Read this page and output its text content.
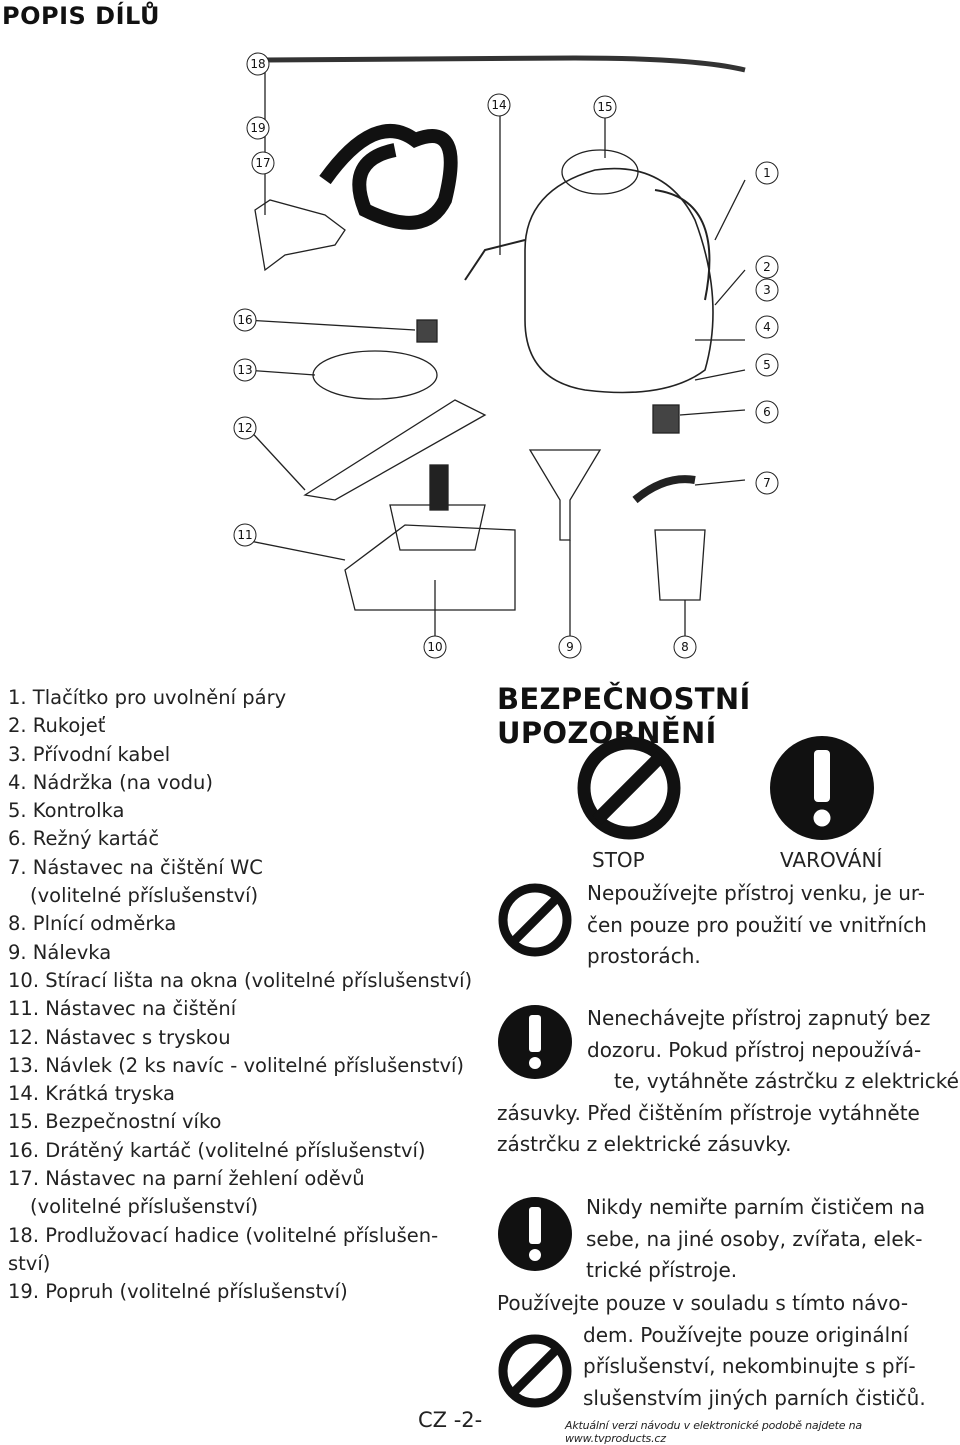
POPIS DÍLŮ
18
19
17
16
13
12
11
14	15
1
2
3
4
5
6
7
8
9
10
1. Tlačítko pro uvolnění páry
2. Rukojeť
3. Přívodní kabel
4. Nádržka (na vodu)
5. Kontrolka
6. Režný kartáč
7. Nástavec na čištění WC
(volitelné příslušenství)
8. Plnící odměrka
9. Nálevka
10. Stírací lišta na okna (volitelné příslušenství)
11. Nástavec na čištění
12. Nástavec s tryskou
13. Návlek (2 ks navíc - volitelné příslušenství)
14. Krátká tryska
15. Bezpečnostní víko
16. Drátěný kartáč (volitelné příslušenství)
17. Nástavec na parní žehlení oděvů
(volitelné příslušenství)
18. Prodlužovací hadice (volitelné příslušen-
ství)
19. Popruh (volitelné příslušenství)
BEZPEČNOSTNÍ UPOZORNĚNÍ
STOP	VAROVÁNÍ
Nepoužívejte přístroj venku, je ur-
čen pouze pro použití ve vnitřních
prostorách.
Nenechávejte přístroj zapnutý bez
dozoru. Pokud přístroj nepoužívá-
te, vytáhněte zástrčku z elektrické
zásuvky. Před čištěním přístroje vytáhněte
zástrčku z elektrické zásuvky.
Nikdy nemiřte parním čističem na
sebe, na jiné osoby, zvířata, elek-
trické přístroje.
Používejte pouze v souladu s tímto návo-
dem. Používejte pouze originální
příslušenství, nekombinujte s pří-
slušenstvím jiných parních čističů.
CZ -2-	Aktuální verzi návodu v elektronické podobě najdete na www.tvproducts.cz
